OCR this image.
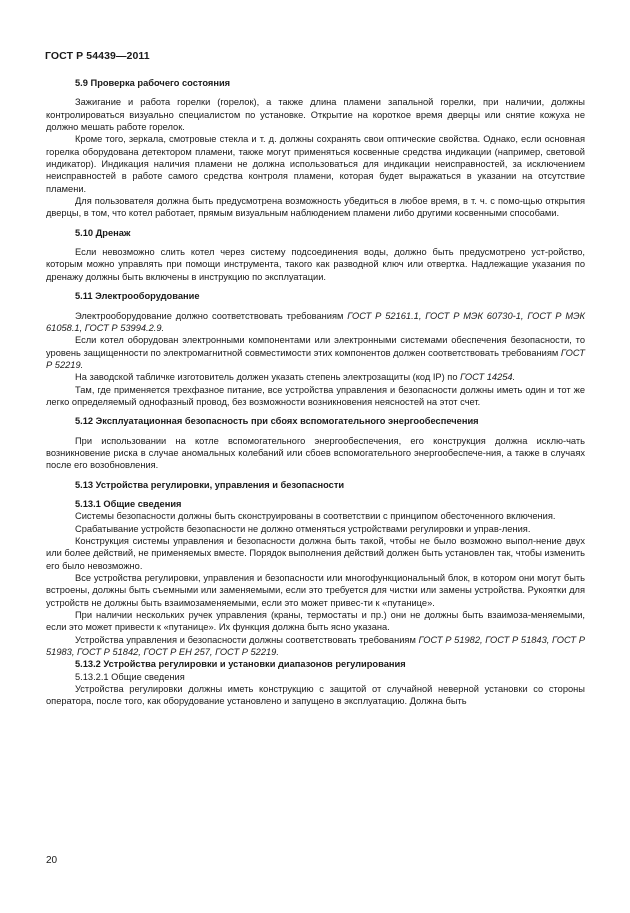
ГОСТ Р 54439—2011
5.9 Проверка рабочего состояния

Зажигание и работа горелки (горелок), а также длина пламени запальной горелки, при наличии, должны контролироваться визуально специалистом по установке. Открытие на короткое время дверцы или снятие кожуха не должно мешать работе горелок.

Кроме того, зеркала, смотровые стекла и т. д. должны сохранять свои оптические свойства. Однако, если основная горелка оборудована детектором пламени, также могут применяться косвенные средства индикации (например, световой индикатор). Индикация наличия пламени не должна использоваться для индикации неисправностей, за исключением неисправностей в работе самого средства контроля пламени, которая будет выражаться в указании на отсутствие пламени.

Для пользователя должна быть предусмотрена возможность убедиться в любое время, в т. ч. с помо-щью открытия дверцы, в том, что котел работает, прямым визуальным наблюдением пламени либо другими косвенными способами.

5.10 Дренаж

Если невозможно слить котел через систему подсоединения воды, должно быть предусмотрено уст-ройство, которым можно управлять при помощи инструмента, такого как разводной ключ или отвертка. Надлежащие указания по дренажу должны быть включены в инструкцию по эксплуатации.

5.11 Электрооборудование

Электрооборудование должно соответствовать требованиям ГОСТ Р 52161.1, ГОСТ Р МЭК 60730-1, ГОСТ Р МЭК 61058.1, ГОСТ Р 53994.2.9.

Если котел оборудован электронными компонентами или электронными системами обеспечения безопасности, то уровень защищенности по электромагнитной совместимости этих компонентов должен соответствовать требованиям ГОСТ Р 52219.

На заводской табличке изготовитель должен указать степень электрозащиты (код IP) по ГОСТ 14254.

Там, где применяется трехфазное питание, все устройства управления и безопасности должны иметь один и тот же легко определяемый однофазный провод, без возможности возникновения неясностей на этот счет.

5.12 Эксплуатационная безопасность при сбоях вспомогательного энергообеспечения

При использовании на котле вспомогательного энергообеспечения, его конструкция должна исклю-чать возникновение риска в случае аномальных колебаний или сбоев вспомогательного энергообеспече-ния, а также в случаях после его возобновления.

5.13 Устройства регулировки, управления и безопасности
5.13.1 Общие сведения

Системы безопасности должны быть сконструированы в соответствии с принципом обесточенного включения.

Срабатывание устройств безопасности не должно отменяться устройствами регулировки и управ-ления.

Конструкция системы управления и безопасности должна быть такой, чтобы не было возможно выпол-нение двух или более действий, не применяемых вместе. Порядок выполнения действий должен быть установлен так, чтобы изменить его было невозможно.

Все устройства регулировки, управления и безопасности или многофункциональный блок, в котором они могут быть встроены, должны быть съемными или заменяемыми, если это требуется для чистки или замены устройства. Рукоятки для устройств не должны быть взаимозаменяемыми, если это может привес-ти к «путанице».

При наличии нескольких ручек управления (краны, термостаты и пр.) они не должны быть взаимоза-меняемыми, если это может привести к «путанице». Их функция должна быть ясно указана.

Устройства управления и безопасности должны соответствовать требованиям ГОСТ Р 51982, ГОСТ Р 51843, ГОСТ Р 51983, ГОСТ Р 51842, ГОСТ Р ЕН 257, ГОСТ Р 52219.

5.13.2 Устройства регулировки и установки диапазонов регулирования
5.13.2.1 Общие сведения

Устройства регулировки должны иметь конструкцию с защитой от случайной неверной установки со стороны оператора, после того, как оборудование установлено и запущено в эксплуатацию. Должна быть

20
